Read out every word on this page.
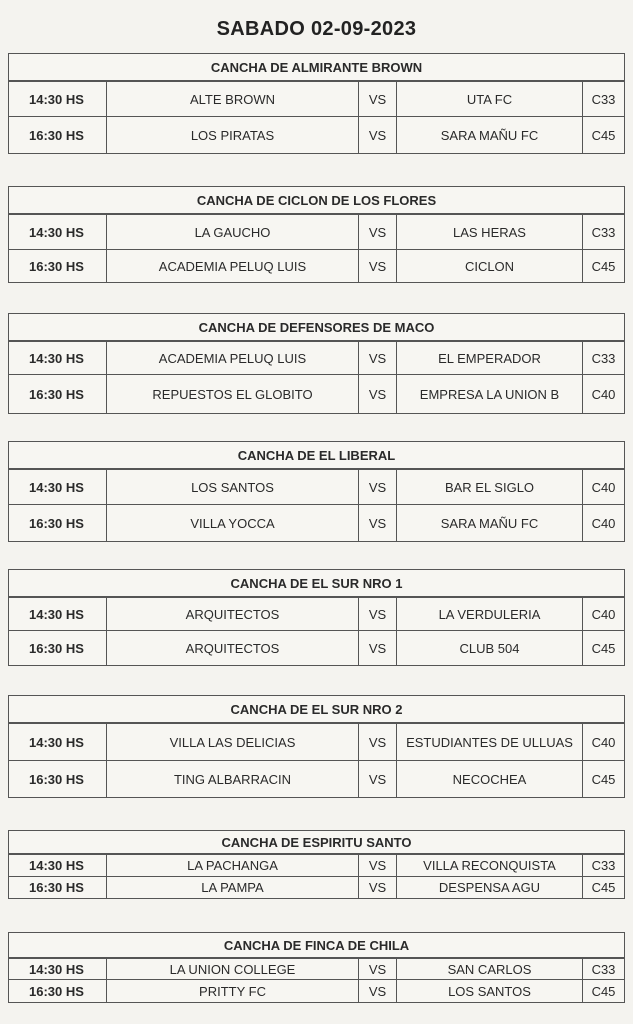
SABADO 02-09-2023
CANCHA DE ALMIRANTE BROWN
14:30 HS	ALTE BROWN	VS	UTA FC	C33
16:30 HS	LOS PIRATAS	VS	SARA MAÑU FC	C45
CANCHA DE CICLON DE LOS FLORES
14:30 HS	LA GAUCHO	VS	LAS HERAS	C33
16:30 HS	ACADEMIA PELUQ LUIS	VS	CICLON	C45
CANCHA DE DEFENSORES DE MACO
14:30 HS	ACADEMIA PELUQ LUIS	VS	EL EMPERADOR	C33
16:30 HS	REPUESTOS EL GLOBITO	VS	EMPRESA LA UNION B	C40
CANCHA DE EL LIBERAL
14:30 HS	LOS SANTOS	VS	BAR EL SIGLO	C40
16:30 HS	VILLA YOCCA	VS	SARA MAÑU FC	C40
CANCHA DE EL SUR NRO 1
14:30 HS	ARQUITECTOS	VS	LA VERDULERIA	C40
16:30 HS	ARQUITECTOS	VS	CLUB 504	C45
CANCHA DE EL SUR NRO 2
14:30 HS	VILLA LAS DELICIAS	VS	ESTUDIANTES DE ULLUAS	C40
16:30 HS	TING ALBARRACIN	VS	NECOCHEA	C45
CANCHA DE ESPIRITU SANTO
14:30 HS	LA PACHANGA	VS	VILLA RECONQUISTA	C33
16:30 HS	LA PAMPA	VS	DESPENSA AGU	C45
CANCHA DE FINCA DE CHILA
14:30 HS	LA UNION COLLEGE	VS	SAN CARLOS	C33
16:30 HS	PRITTY FC	VS	LOS SANTOS	C45
